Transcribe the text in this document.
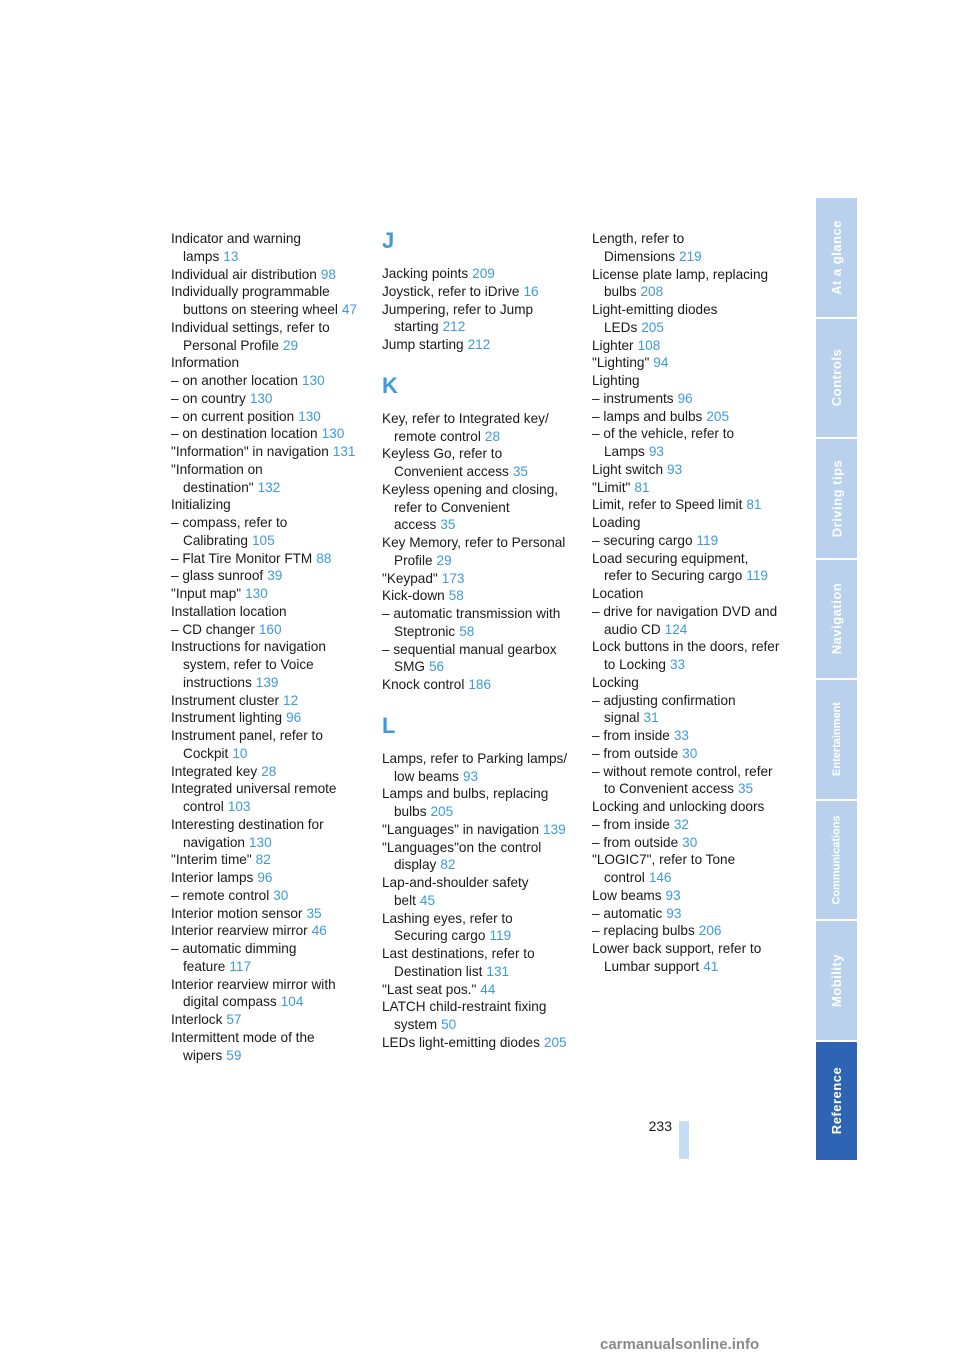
Indicator and warning lamps 13
Individual air distribution 98
Individually programmable buttons on steering wheel 47
Individual settings, refer to Personal Profile 29
Information
– on another location 130
– on country 130
– on current position 130
– on destination location 130
"Information" in navigation 131
"Information on destination" 132
Initializing
– compass, refer to Calibrating 105
– Flat Tire Monitor FTM 88
– glass sunroof 39
"Input map" 130
Installation location
– CD changer 160
Instructions for navigation system, refer to Voice instructions 139
Instrument cluster 12
Instrument lighting 96
Instrument panel, refer to Cockpit 10
Integrated key 28
Integrated universal remote control 103
Interesting destination for navigation 130
"Interim time" 82
Interior lamps 96
– remote control 30
Interior motion sensor 35
Interior rearview mirror 46
– automatic dimming feature 117
Interior rearview mirror with digital compass 104
Interlock 57
Intermittent mode of the wipers 59
J
Jacking points 209
Joystick, refer to iDrive 16
Jumpering, refer to Jump starting 212
Jump starting 212
K
Key, refer to Integrated key/ remote control 28
Keyless Go, refer to Convenient access 35
Keyless opening and closing, refer to Convenient access 35
Key Memory, refer to Personal Profile 29
"Keypad" 173
Kick-down 58
– automatic transmission with Steptronic 58
– sequential manual gearbox SMG 56
Knock control 186
L
Lamps, refer to Parking lamps/ low beams 93
Lamps and bulbs, replacing bulbs 205
"Languages" in navigation 139
"Languages"on the control display 82
Lap-and-shoulder safety belt 45
Lashing eyes, refer to Securing cargo 119
Last destinations, refer to Destination list 131
"Last seat pos." 44
LATCH child-restraint fixing system 50
LEDs light-emitting diodes 205
Length, refer to Dimensions 219
License plate lamp, replacing bulbs 208
Light-emitting diodes LEDs 205
Lighter 108
"Lighting" 94
Lighting
– instruments 96
– lamps and bulbs 205
– of the vehicle, refer to Lamps 93
Light switch 93
"Limit" 81
Limit, refer to Speed limit 81
Loading
– securing cargo 119
Load securing equipment, refer to Securing cargo 119
Location
– drive for navigation DVD and audio CD 124
Lock buttons in the doors, refer to Locking 33
Locking
– adjusting confirmation signal 31
– from inside 33
– from outside 30
– without remote control, refer to Convenient access 35
Locking and unlocking doors
– from inside 32
– from outside 30
"LOGIC7", refer to Tone control 146
Low beams 93
– automatic 93
– replacing bulbs 206
Lower back support, refer to Lumbar support 41
233
At a glance
Controls
Driving tips
Navigation
Entertainment
Communications
Mobility
Reference
carmanualsonline.info
